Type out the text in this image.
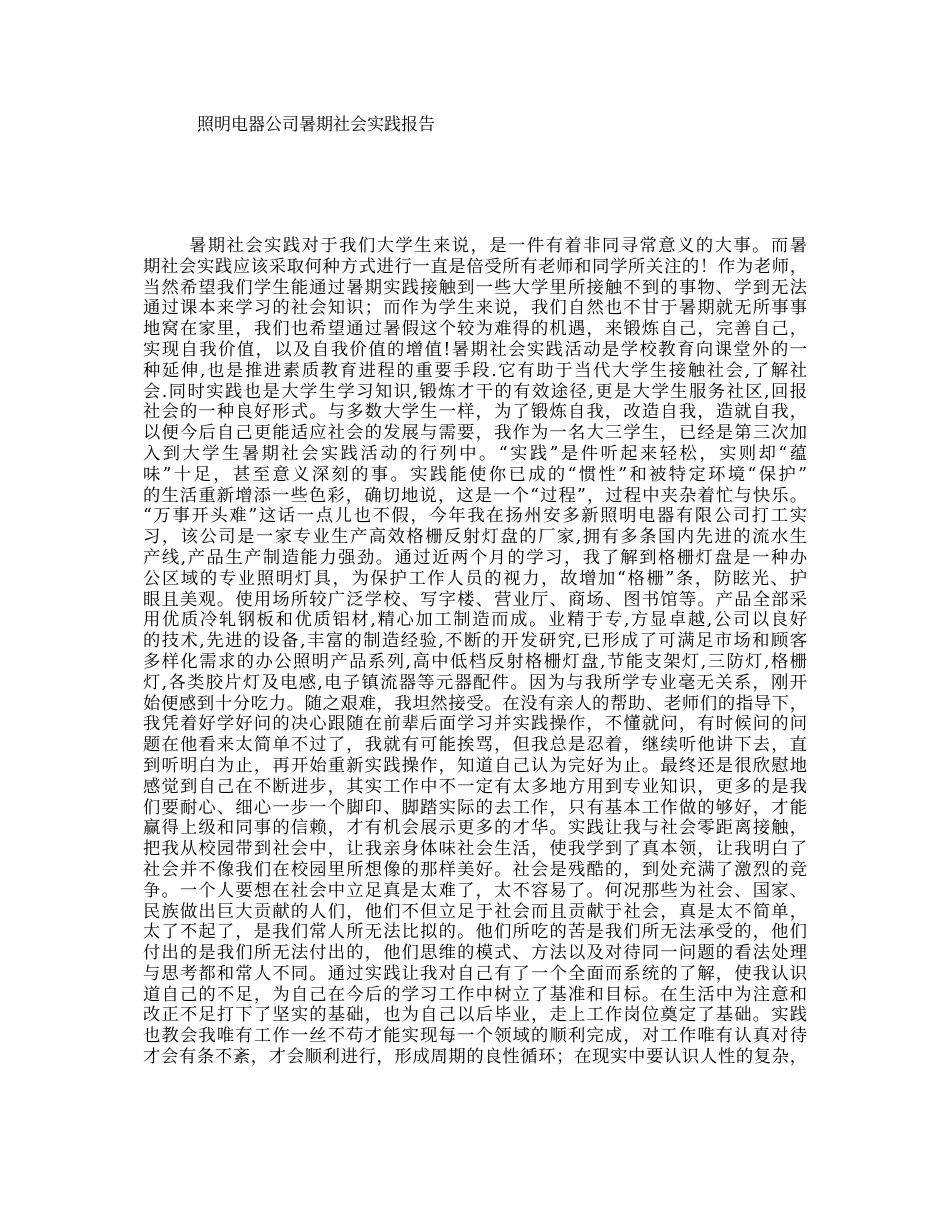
照明电器公司暑期社会实践报告
暑期社会实践对于我们大学生来说，是一件有着非同寻常意义的大事。而暑
期社会实践应该采取何种方式进行一直是倍受所有老师和同学所关注的！作为老师，
当然希望我们学生能通过暑期实践接触到一些大学里所接触不到的事物、学到无法
通过课本来学习的社会知识；而作为学生来说，我们自然也不甘于暑期就无所事事
地窝在家里，我们也希望通过暑假这个较为难得的机遇，来锻炼自己，完善自己，
实现自我价值，以及自我价值的增值!暑期社会实践活动是学校教育向课堂外的一
种延伸,也是推进素质教育进程的重要手段.它有助于当代大学生接触社会,了解社
会.同时实践也是大学生学习知识,锻炼才干的有效途径,更是大学生服务社区,回报
社会的一种良好形式。与多数大学生一样，为了锻炼自我，改造自我，造就自我，
以便今后自己更能适应社会的发展与需要，我作为一名大三学生，已经是第三次加
入到大学生暑期社会实践活动的行列中。“实践”是件听起来轻松，实则却“蕴
味”十足，甚至意义深刻的事。实践能使你已成的“惯性”和被特定环境“保护”
的生活重新增添一些色彩，确切地说，这是一个“过程”，过程中夹杂着忙与快乐。
“万事开头难”这话一点儿也不假，今年我在扬州安多新照明电器有限公司打工实
习，该公司是一家专业生产高效格栅反射灯盘的厂家,拥有多条国内先进的流水生
产线,产品生产制造能力强劲。通过近两个月的学习，我了解到格栅灯盘是一种办
公区域的专业照明灯具，为保护工作人员的视力，故增加“格栅”条，防眩光、护
眼且美观。使用场所较广泛学校、写字楼、营业厅、商场、图书馆等。产品全部采
用优质冷轧钢板和优质铝材,精心加工制造而成。业精于专,方显卓越,公司以良好
的技术,先进的设备,丰富的制造经验,不断的开发研究,已形成了可满足市场和顾客
多样化需求的办公照明产品系列,高中低档反射格栅灯盘,节能支架灯,三防灯,格栅
灯,各类胶片灯及电感,电子镇流器等元器配件。因为与我所学专业毫无关系，刚开
始便感到十分吃力。随之艰难，我坦然接受。在没有亲人的帮助、老师们的指导下，
我凭着好学好问的决心跟随在前辈后面学习并实践操作，不懂就问，有时候问的问
题在他看来太简单不过了，我就有可能挨骂，但我总是忍着，继续听他讲下去，直
到听明白为止，再开始重新实践操作，知道自己认为完好为止。最终还是很欣慰地
感觉到自己在不断进步，其实工作中不一定有太多地方用到专业知识，更多的是我
们要耐心、细心一步一个脚印、脚踏实际的去工作，只有基本工作做的够好，才能
赢得上级和同事的信赖，才有机会展示更多的才华。实践让我与社会零距离接触，
把我从校园带到社会中，让我亲身体味社会生活，使我学到了真本领，让我明白了
社会并不像我们在校园里所想像的那样美好。社会是残酷的，到处充满了激烈的竞
争。一个人要想在社会中立足真是太难了，太不容易了。何况那些为社会、国家、
民族做出巨大贡献的人们，他们不但立足于社会而且贡献于社会，真是太不简单，
太了不起了，是我们常人所无法比拟的。他们所吃的苦是我们所无法承受的，他们
付出的是我们所无法付出的，他们思维的模式、方法以及对待同一问题的看法处理
与思考都和常人不同。通过实践让我对自己有了一个全面而系统的了解，使我认识
道自己的不足，为自己在今后的学习工作中树立了基准和目标。在生活中为注意和
改正不足打下了坚实的基础，也为自己以后毕业，走上工作岗位奠定了基础。实践
也教会我唯有工作一丝不苟才能实现每一个领域的顺利完成，对工作唯有认真对待
才会有条不紊，才会顺利进行，形成周期的良性循环；在现实中要认识人性的复杂，
